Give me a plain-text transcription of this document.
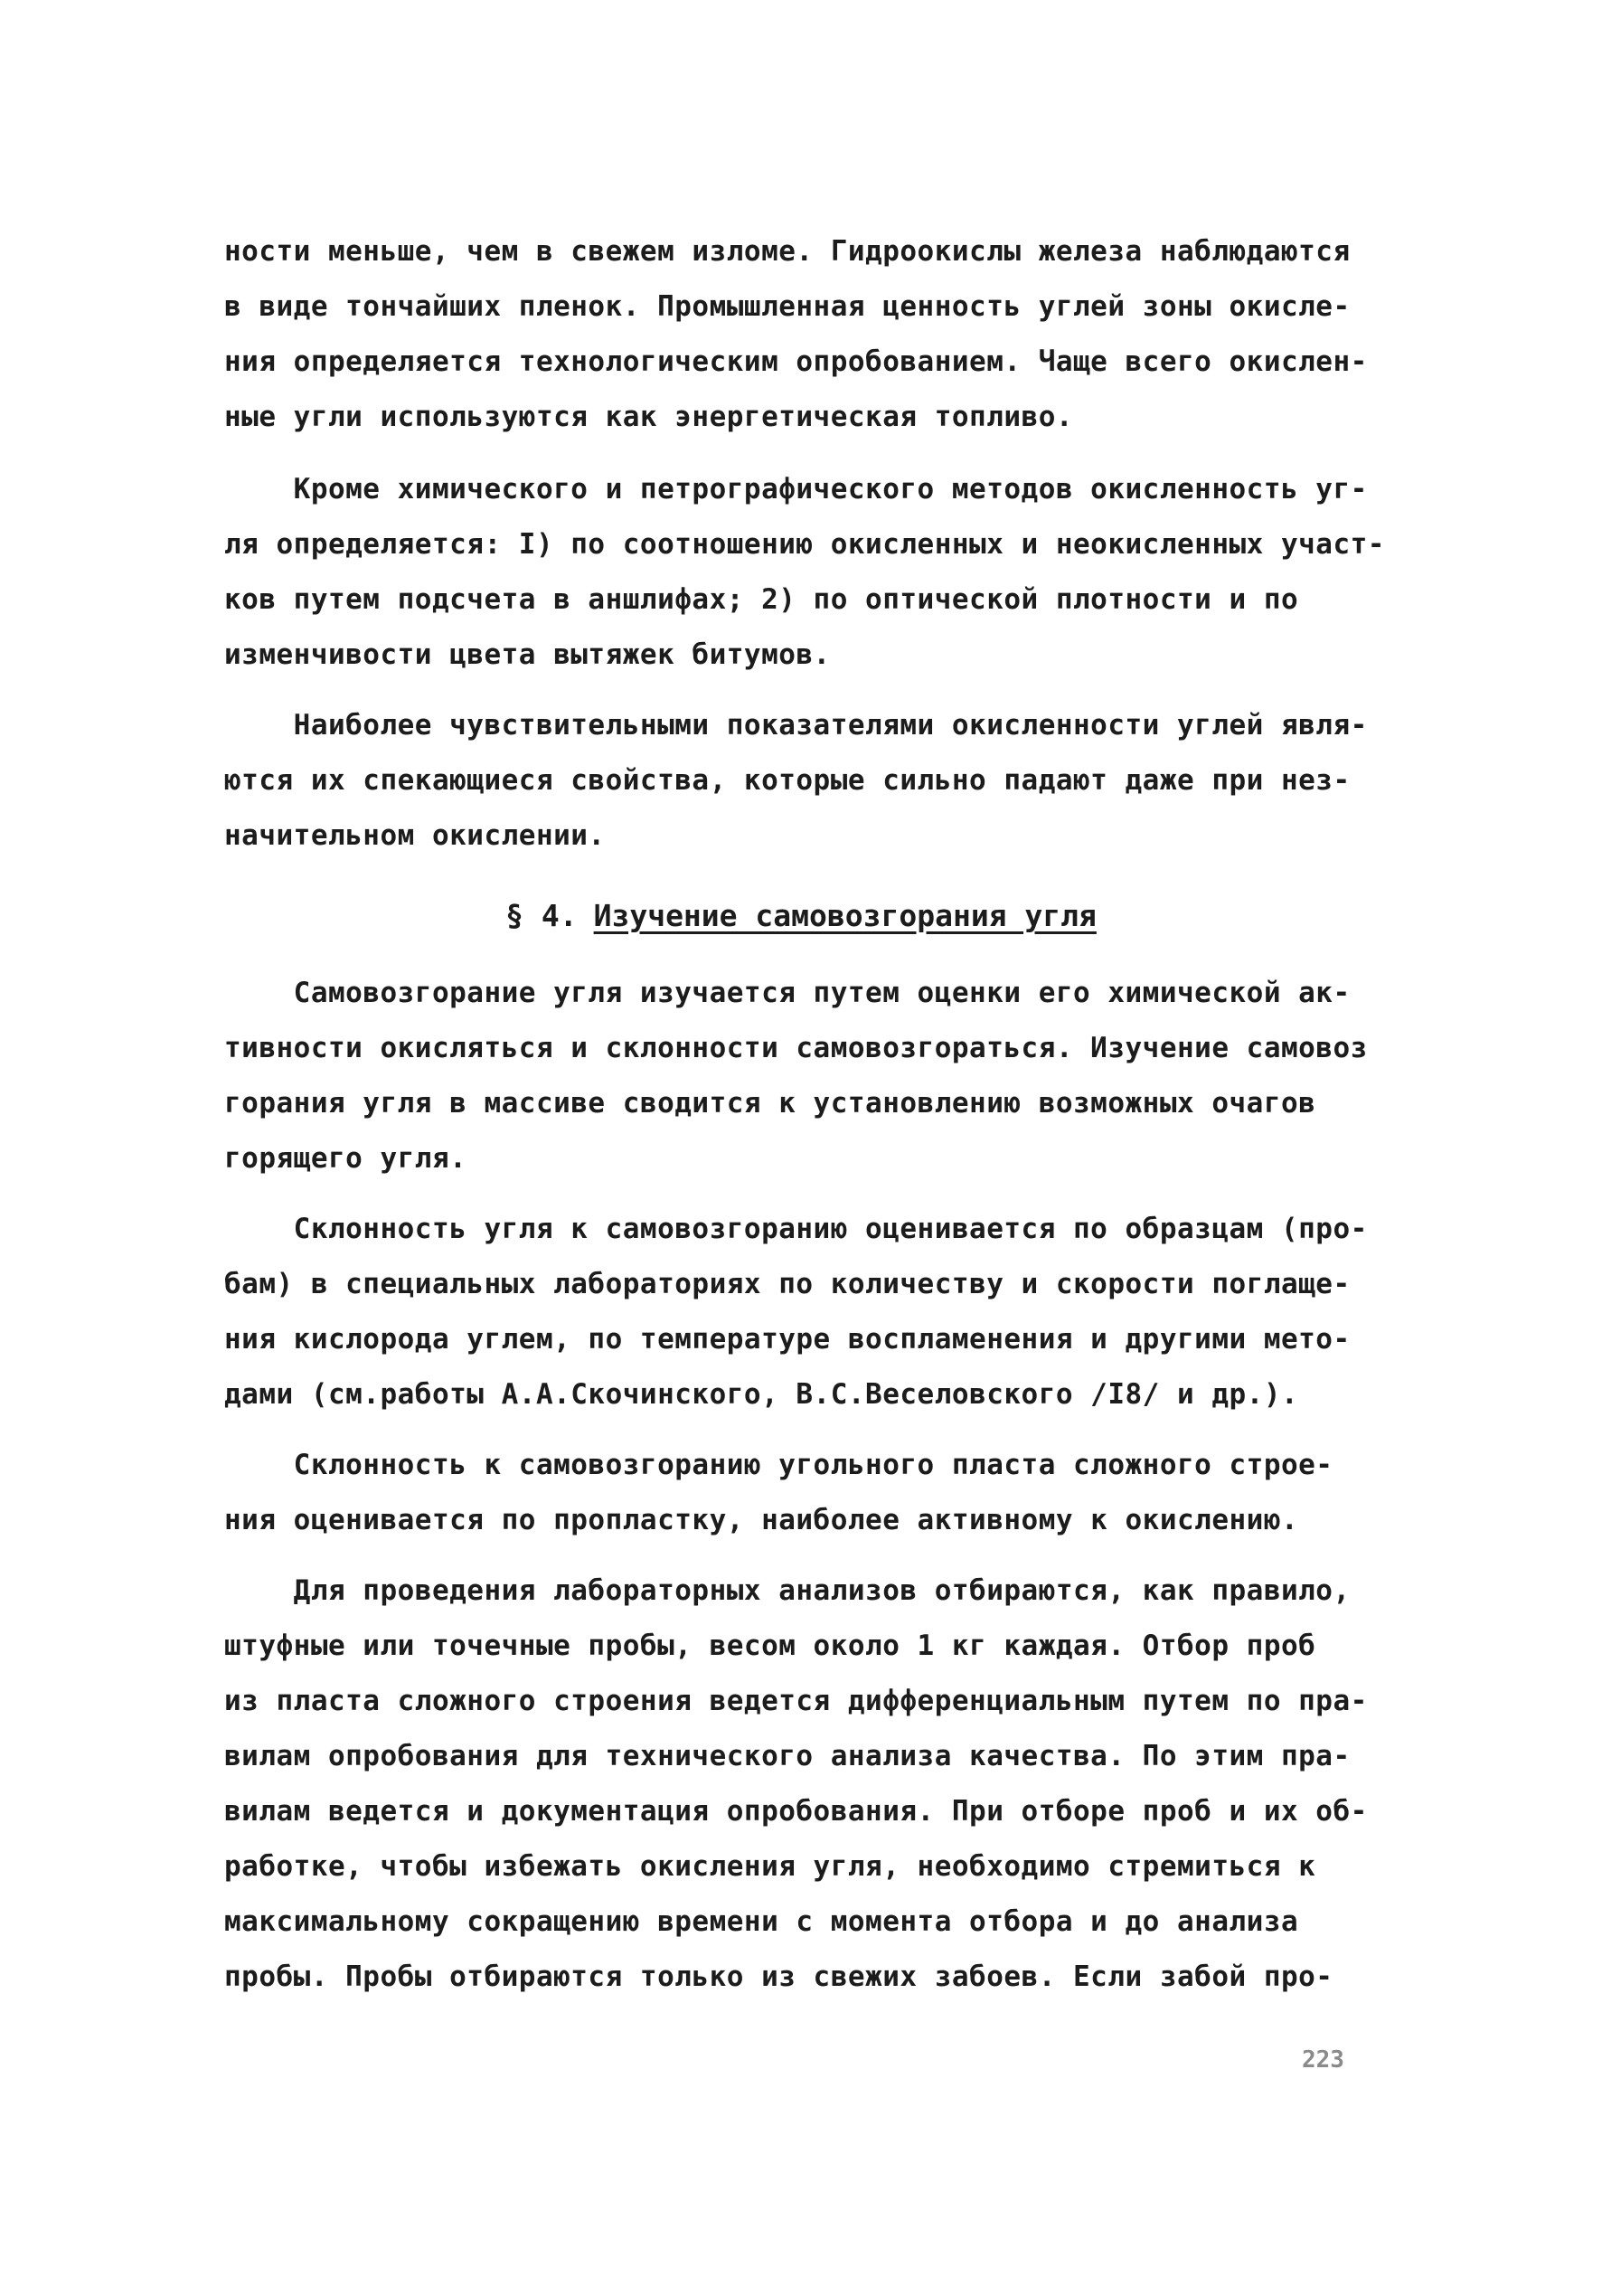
ности меньше, чем в свежем изломе. Гидроокислы железа наблюдаются
в виде тончайших пленок. Промышленная ценность углей зоны окисле-
ния определяется технологическим опробованием. Чаще всего окислен-
ные угли используются как энергетическая топливо.
Кроме химического и петрографического методов окисленность уг-
ля определяется: I) по соотношению окисленных и неокисленных участ-
ков путем подсчета в аншлифах; 2) по оптической плотности и по
изменчивости цвета вытяжек битумов.
Наиболее чувствительными показателями окисленности углей явля-
ются их спекающиеся свойства, которые сильно падают даже при нез-
начительном окислении.
§ 4. Изучение самовозгорания угля
Самовозгорание угля изучается путем оценки его химической ак-
тивности окисляться и склонности самовозгораться. Изучение самовоз
горания угля в массиве сводится к установлению возможных очагов
горящего угля.
Склонность угля к самовозгоранию оценивается по образцам (про-
бам) в специальных лабораториях по количеству и скорости поглаще-
ния кислорода углем, по температуре воспламенения и другими мето-
дами (см.работы А.А.Скочинского, В.С.Веселовского /I8/ и др.).
Склонность к самовозгоранию угольного пласта сложного строе-
ния оценивается по пропластку, наиболее активному к окислению.
Для проведения лабораторных анализов отбираются, как правило,
штуфные или точечные пробы, весом около 1 кг каждая. Отбор проб
из пласта сложного строения ведется дифференциальным путем по пра-
вилам опробования для технического анализа качества. По этим пра-
вилам ведется и документация опробования. При отборе проб и их об-
работке, чтобы избежать окисления угля, необходимо стремиться к
максимальному сокращению времени с момента отбора и до анализа
пробы. Пробы отбираются только из свежих забоев. Если забой про-
223
